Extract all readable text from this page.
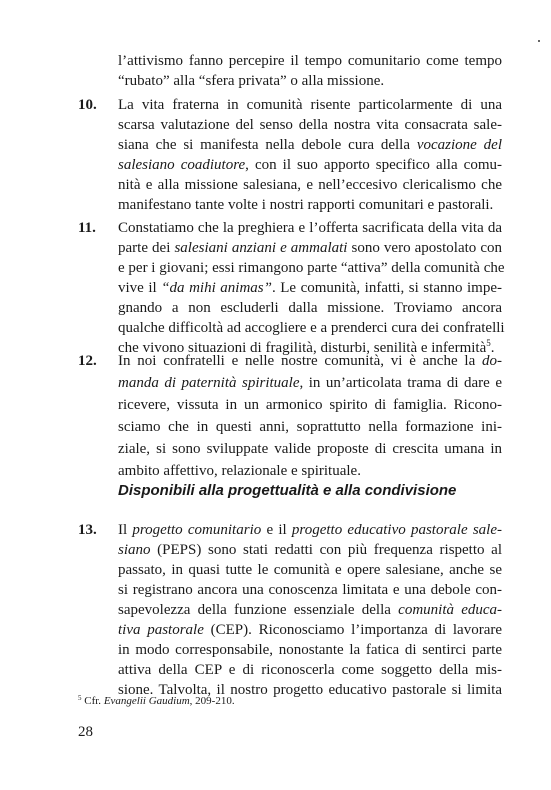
l’attivismo fanno percepire il tempo comunitario come tempo
“rubato” alla “sfera privata” o alla missione.
10. La vita fraterna in comunità risente particolarmente di una
scarsa valutazione del senso della nostra vita consacrata sale-
siana che si manifesta nella debole cura della vocazione del
salesiano coadiutore, con il suo apporto specifico alla comu-
nità e alla missione salesiana, e nell’eccesivo clericalismo che
manifestano tante volte i nostri rapporti comunitari e pastorali.
11. Constatiamo che la preghiera e l’offerta sacrificata della vita da
parte dei salesiani anziani e ammalati sono vero apostolato con
e per i giovani; essi rimangono parte “attiva” della comunità che
vive il “da mihi animas”. Le comunità, infatti, si stanno impe-
gnando a non escluderli dalla missione. Troviamo ancora
qualche difficoltà ad accogliere e a prenderci cura dei confratelli
che vivono situazioni di fragilità, disturbi, senilità e infermità$^5$.
12. In noi confratelli e nelle nostre comunità, vi è anche la do-
manda di paternità spirituale, in un’articolata trama di dare e
ricevere, vissuta in un armonico spirito di famiglia. Ricono-
sciamo che in questi anni, soprattutto nella formazione ini-
Disponibili alla progettualità e alla condivisione
13. Il progetto comunitario e il progetto educativo pastorale sale-
siano (PEPS) sono stati redatti con più frequenza rispetto al
passato, in quasi tutte le comunità e opere salesiane, anche se
si registrano ancora una conoscenza limitata e una debole con-
sapevolezza della funzione essenziale della comunità educa-
tiva pastorale (CEP). Riconosciamo l’importanza di lavorare
in modo corresponsabile, nonostante la fatica di sentirci parte
attiva della CEP e di riconoscerla come soggetto della mis-
sione. Talvolta, il nostro progetto educativo pastorale si limita
$^5$ Cfr. Evangelii Gaudium, 209-210.
28
ziale, si sono sviluppate valide proposte di crescita umana in
ambito affettivo, relazionale e spirituale.
